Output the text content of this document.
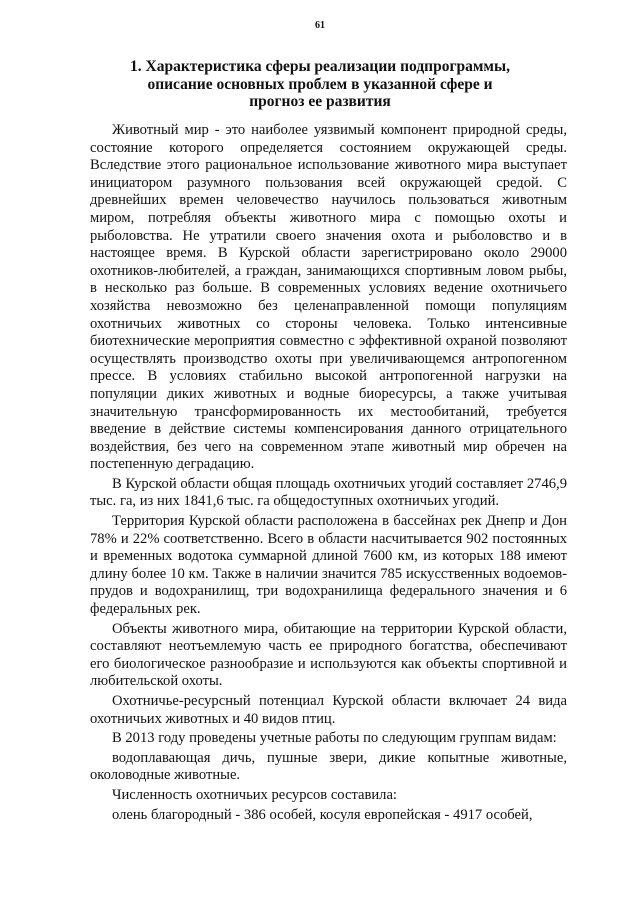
61
1. Характеристика сферы реализации подпрограммы,
описание основных проблем в указанной сфере и
прогноз ее развития

Животный мир - это наиболее уязвимый компонент природной среды, состояние которого определяется состоянием окружающей среды. Вследствие этого рациональное использование животного мира выступает инициатором разумного пользования всей окружающей средой. С древнейших времен человечество научилось пользоваться животным миром, потребляя объекты животного мира с помощью охоты и рыболовства. Не утратили своего значения охота и рыболовство и в настоящее время. В Курской области зарегистрировано около 29000 охотников-любителей, а граждан, занимающихся спортивным ловом рыбы, в несколько раз больше. В современных условиях ведение охотничьего хозяйства невозможно без целенаправленной помощи популяциям охотничьих животных со стороны человека. Только интенсивные биотехнические мероприятия совместно с эффективной охраной позволяют осуществлять производство охоты при увеличивающемся антропогенном прессе. В условиях стабильно высокой антропогенной нагрузки на популяции диких животных и водные биоресурсы, а также учитывая значительную трансформированность их местообитаний, требуется введение в действие системы компенсирования данного отрицательного воздействия, без чего на современном этапе животный мир обречен на постепенную деградацию.

В Курской области общая площадь охотничьих угодий составляет 2746,9 тыс. га, из них 1841,6 тыс. га общедоступных охотничьих угодий.

Территория Курской области расположена в бассейнах рек Днепр и Дон 78% и 22% соответственно. Всего в области насчитывается 902 постоянных и временных водотока суммарной длиной 7600 км, из которых 188 имеют длину более 10 км. Также в наличии значится 785 искусственных водоемов-прудов и водохранилищ, три водохранилища федерального значения и 6 федеральных рек.

Объекты животного мира, обитающие на территории Курской области, составляют неотъемлемую часть ее природного богатства, обеспечивают его биологическое разнообразие и используются как объекты спортивной и любительской охоты.

Охотничье-ресурсный потенциал Курской области включает 24 вида охотничьих животных и 40 видов птиц.

В 2013 году проведены учетные работы по следующим группам видам:

водоплавающая дичь, пушные звери, дикие копытные животные, околоводные животные.

Численность охотничьих ресурсов составила:

олень благородный - 386 особей, косуля европейская - 4917 особей,
